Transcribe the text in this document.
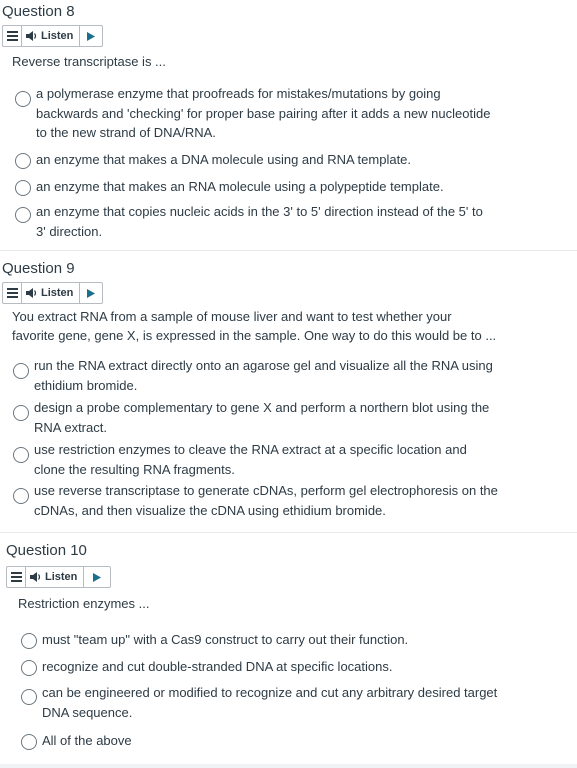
Question 8
Listen
Reverse transcriptase is ...
a polymerase enzyme that proofreads for mistakes/mutations by going
backwards and 'checking' for proper base pairing after it adds a new nucleotide
to the new strand of DNA/RNA.
an enzyme that makes a DNA molecule using and RNA template.
an enzyme that makes an RNA molecule using a polypeptide template.
an enzyme that copies nucleic acids in the 3' to 5' direction instead of the 5' to
3' direction.
Question 9
Listen
You extract RNA from a sample of mouse liver and want to test whether your
favorite gene, gene X, is expressed in the sample. One way to do this would be to ...
run the RNA extract directly onto an agarose gel and visualize all the RNA using
ethidium bromide.
design a probe complementary to gene X and perform a northern blot using the
RNA extract.
use restriction enzymes to cleave the RNA extract at a specific location and
clone the resulting RNA fragments.
use reverse transcriptase to generate cDNAs, perform gel electrophoresis on the
cDNAs, and then visualize the cDNA using ethidium bromide.
Question 10
Listen
Restriction enzymes ...
must "team up" with a Cas9 construct to carry out their function.
recognize and cut double-stranded DNA at specific locations.
can be engineered or modified to recognize and cut any arbitrary desired target
DNA sequence.
All of the above
